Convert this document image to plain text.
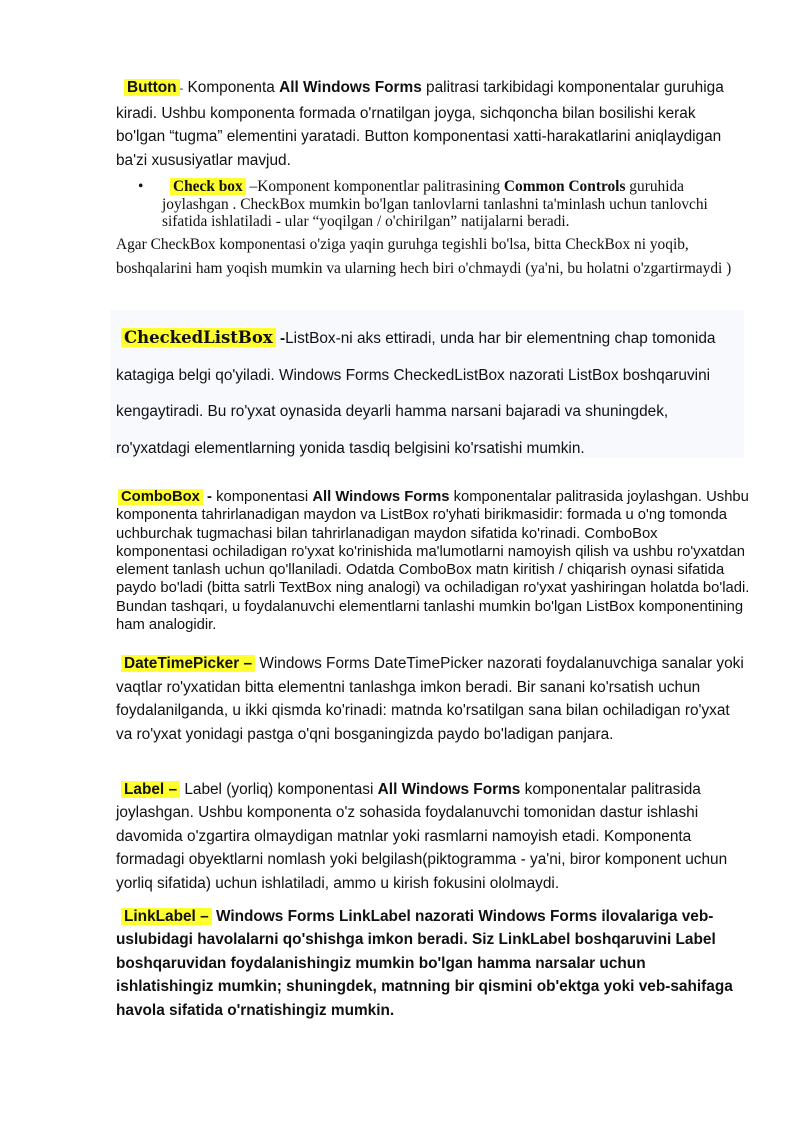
Button - Komponenta All Windows Forms palitrasi tarkibidagi komponentalar guruhiga kiradi. Ushbu komponenta formada o'rnatilgan joyga, sichqoncha bilan bosilishi kerak bo'lgan “tugma” elementini yaratadi. Button komponentasi xatti-harakatlarini aniqlaydigan ba'zi xususiyatlar mavjud.

• Check box –Komponent komponentlar palitrasining Common Controls guruhida joylashgan . CheckBox mumkin bo'lgan tanlovlarni tanlashni ta'minlash uchun tanlovchi sifatida ishlatiladi - ular “yoqilgan / o'chirilgan” natijalarni beradi.

Agar CheckBox komponentasi o'ziga yaqin guruhga tegishli bo'lsa, bitta CheckBox ni yoqib, boshqalarini ham yoqish mumkin va ularning hech biri o'chmaydi (ya'ni, bu holatni o'zgartirmaydi )

CheckedListBox -ListBox-ni aks ettiradi, unda har bir elementning chap tomonida katagiga belgi qo'yiladi. Windows Forms CheckedListBox nazorati ListBox boshqaruvini kengaytiradi. Bu ro'yxat oynasida deyarli hamma narsani bajaradi va shuningdek, ro'yxatdagi elementlarning yonida tasdiq belgisini ko'rsatishi mumkin.

ComboBox - komponentasi All Windows Forms komponentalar palitrasida joylashgan. Ushbu komponenta tahrirlanadigan maydon va ListBox ro'yhati birikmasidir: formada u o'ng tomonda uchburchak tugmachasi bilan tahrirlanadigan maydon sifatida ko'rinadi. ComboBox komponentasi ochiladigan ro'yxat ko'rinishida ma'lumotlarni namoyish qilish va ushbu ro'yxatdan element tanlash uchun qo'llaniladi. Odatda ComboBox matn kiritish / chiqarish oynasi sifatida paydo bo'ladi (bitta satrli TextBox ning analogi) va ochiladigan ro'yxat yashiringan holatda bo'ladi. Bundan tashqari, u foydalanuvchi elementlarni tanlashi mumkin bo'lgan ListBox komponentining ham analogidir.

DateTimePicker – Windows Forms DateTimePicker nazorati foydalanuvchiga sanalar yoki vaqtlar ro'yxatidan bitta elementni tanlashga imkon beradi. Bir sanani ko'rsatish uchun foydalanilganda, u ikki qismda ko'rinadi: matnda ko'rsatilgan sana bilan ochiladigan ro'yxat va ro'yxat yonidagi pastga o'qni bosganingizda paydo bo'ladigan panjara.

Label – Label (yorliq) komponentasi All Windows Forms komponentalar palitrasida joylashgan. Ushbu komponenta o'z sohasida foydalanuvchi tomonidan dastur ishlashi davomida o'zgartira olmaydigan matnlar yoki rasmlarni namoyish etadi. Komponenta formadagi obyektlarni nomlash yoki belgilash(piktogramma - ya'ni, biror komponent uchun yorliq sifatida) uchun ishlatiladi, ammo u kirish fokusini ololmaydi.

LinkLabel – Windows Forms LinkLabel nazorati Windows Forms ilovalariga veb-uslubidagi havolalarni qo'shishga imkon beradi. Siz LinkLabel boshqaruvini Label boshqaruvidan foydalanishingiz mumkin bo'lgan hamma narsalar uchun ishlatishingiz mumkin; shuningdek, matnning bir qismini ob'ektga yoki veb-sahifaga havola sifatida o'rnatishingiz mumkin.
